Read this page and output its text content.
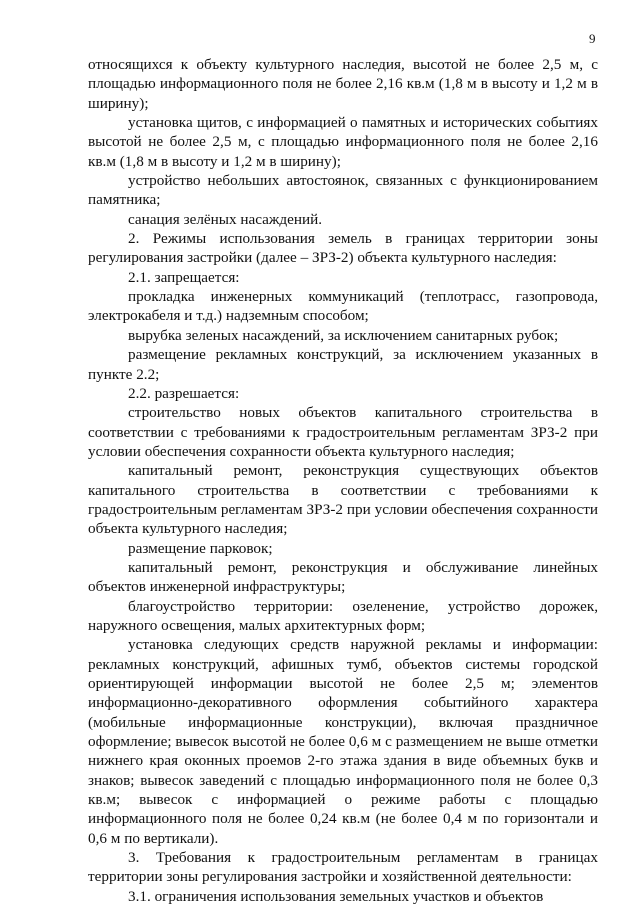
9

относящихся к объекту культурного наследия, высотой не более 2,5 м, с площадью информационного поля не более 2,16 кв.м (1,8 м в высоту и 1,2 м в ширину);

установка щитов, с информацией о памятных и исторических событиях высотой не более 2,5 м, с площадью информационного поля не более 2,16 кв.м (1,8 м в высоту и 1,2 м в ширину);

устройство небольших автостоянок, связанных с функционированием памятника;

санация зелёных насаждений.

2. Режимы использования земель в границах территории зоны регулирования застройки (далее – ЗРЗ-2) объекта культурного наследия:

2.1. запрещается:

прокладка инженерных коммуникаций (теплотрасс, газопровода, электрокабеля и т.д.) надземным способом;

вырубка зеленых насаждений, за исключением санитарных рубок;

размещение рекламных конструкций, за исключением указанных в пункте 2.2;

2.2. разрешается:

строительство новых объектов капитального строительства в соответствии с требованиями к градостроительным регламентам ЗРЗ-2 при условии обеспечения сохранности объекта культурного наследия;

капитальный ремонт, реконструкция существующих объектов капитального строительства в соответствии с требованиями к градостроительным регламентам ЗРЗ-2 при условии обеспечения сохранности объекта культурного наследия;

размещение парковок;

капитальный ремонт, реконструкция и обслуживание линейных объектов инженерной инфраструктуры;

благоустройство территории: озеленение, устройство дорожек, наружного освещения, малых архитектурных форм;

установка следующих средств наружной рекламы и информации: рекламных конструкций, афишных тумб, объектов системы городской ориентирующей информации высотой не более 2,5 м; элементов информационно-декоративного оформления событийного характера (мобильные информационные конструкции), включая праздничное оформление; вывесок высотой не более 0,6 м с размещением не выше отметки нижнего края оконных проемов 2-го этажа здания в виде объемных букв и знаков; вывесок заведений с площадью информационного поля не более 0,3 кв.м; вывесок с информацией о режиме работы с площадью информационного поля не более 0,24 кв.м (не более 0,4 м по горизонтали и 0,6 м по вертикали).

3. Требования к градостроительным регламентам в границах территории зоны регулирования застройки и хозяйственной деятельности:

3.1. ограничения использования земельных участков и объектов
